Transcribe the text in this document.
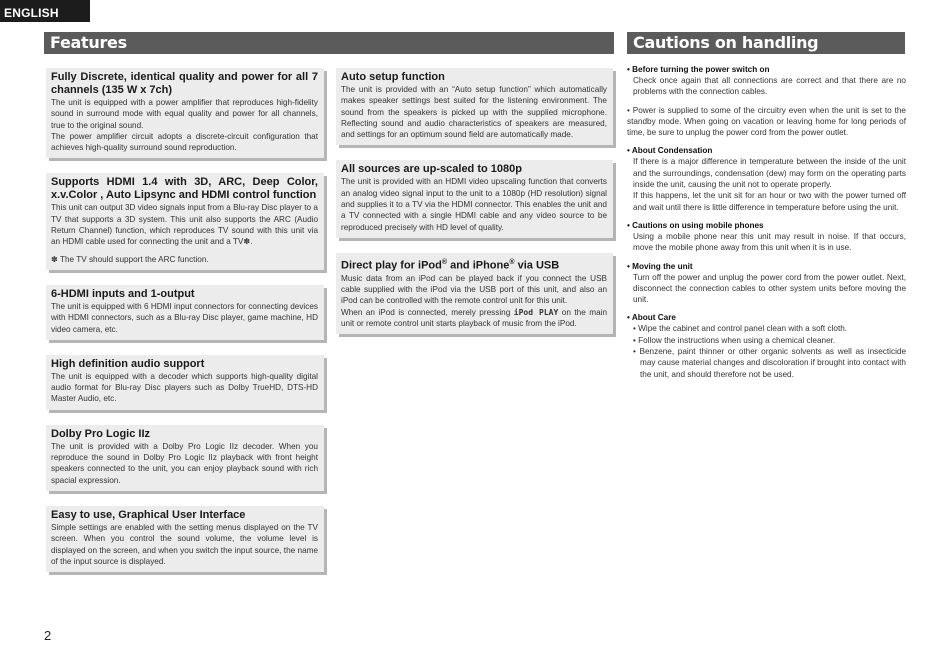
ENGLISH
Features	Cautions on handling
Fully Discrete, identical quality and power for all 7 channels (135 W x 7ch)

The unit is equipped with a power amplifier that reproduces high-fidelity sound in surround mode with equal quality and power for all channels, true to the original sound.

The power amplifier circuit adopts a discrete-circuit configuration that achieves high-quality surround sound reproduction.

Supports HDMI 1.4 with 3D, ARC, Deep Color, x.v.Color , Auto Lipsync and HDMI control function

This unit can output 3D video signals input from a Blu-ray Disc player to a TV that supports a 3D system. This unit also supports the ARC (Audio Return Channel) function, which reproduces TV sound with this unit via an HDMI cable used for connecting the unit and a TV✽.

✽ The TV should support the ARC function.

6-HDMI inputs and 1-output

The unit is equipped with 6 HDMI input connectors for connecting devices with HDMI connectors, such as a Blu-ray Disc player, game machine, HD video camera, etc.

High definition audio support

The unit is equipped with a decoder which supports high-quality digital audio format for Blu-ray Disc players such as Dolby TrueHD, DTS-HD Master Audio, etc.

Dolby Pro Logic IIz

The unit is provided with a Dolby Pro Logic IIz decoder. When you reproduce the sound in Dolby Pro Logic IIz playback with front height speakers connected to the unit, you can enjoy playback sound with rich spacial expression.

Easy to use, Graphical User Interface

Simple settings are enabled with the setting menus displayed on the TV screen. When you control the sound volume, the volume level is displayed on the screen, and when you switch the input source, the name of the input source is displayed.

Auto setup function

The unit is provided with an “Auto setup function” which automatically makes speaker settings best suited for the listening environment. The sound from the speakers is picked up with the supplied microphone. Reflecting sound and audio characteristics of speakers are measured, and settings for an optimum sound field are automatically made.

All sources are up-scaled to 1080p

The unit is provided with an HDMI video upscaling function that converts an analog video signal input to the unit to a 1080p (HD resolution) signal and supplies it to a TV via the HDMI connector. This enables the unit and a TV connected with a single HDMI cable and any video source to be reproduced precisely with HD level of quality.

Direct play for iPod® and iPhone® via USB

Music data from an iPod can be played back if you connect the USB cable supplied with the iPod via the USB port of this unit, and also an iPod can be controlled with the remote control unit for this unit.

When an iPod is connected, merely pressing iPod PLAY on the main unit or remote control unit starts playback of music from the iPod.

• Before turning the power switch on

Check once again that all connections are correct and that there are no problems with the connection cables.

• Power is supplied to some of the circuitry even when the unit is set to the standby mode. When going on vacation or leaving home for long periods of time, be sure to unplug the power cord from the power outlet.

• About Condensation

If there is a major difference in temperature between the inside of the unit and the surroundings, condensation (dew) may form on the operating parts inside the unit, causing the unit not to operate properly.

If this happens, let the unit sit for an hour or two with the power turned off and wait until there is little difference in temperature before using the unit.

• Cautions on using mobile phones

Using a mobile phone near this unit may result in noise. If that occurs, move the mobile phone away from this unit when it is in use.

• Moving the unit

Turn off the power and unplug the power cord from the power outlet. Next, disconnect the connection cables to other system units before moving the unit.

• About Care
• Wipe the cabinet and control panel clean with a soft cloth.
• Follow the instructions when using a chemical cleaner.
• Benzene, paint thinner or other organic solvents as well as insecticide may cause material changes and discoloration if brought into contact with the unit, and should therefore not be used.
2
